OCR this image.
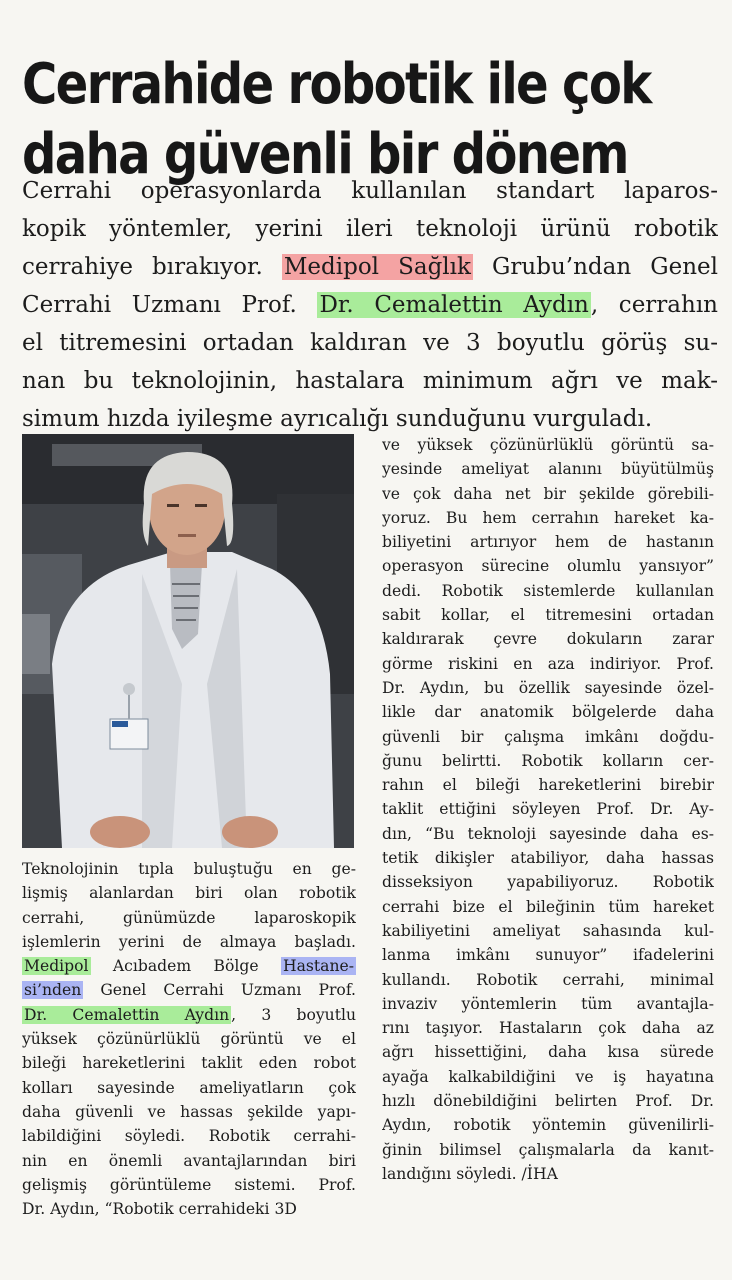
Cerrahide robotik ile çok
daha güvenli bir dönem
Cerrahi operasyonlarda kullanılan standart laparos-
kopik yöntemler, yerini ileri teknoloji ürünü robotik
cerrahiye bırakıyor. Medipol Sağlık Grubu’ndan Genel
Cerrahi Uzmanı Prof. Dr. Cemalettin Aydın, cerrahın
el titremesini ortadan kaldıran ve 3 boyutlu görüş su-
nan bu teknolojinin, hastalara minimum ağrı ve mak-
simum hızda iyileşme ayrıcalığı sunduğunu vurguladı.
Teknolojinin tıpla buluştuğu en ge-
lişmiş alanlardan biri olan robotik
cerrahi, günümüzde laparoskopik
işlemlerin yerini de almaya başladı.
Medipol Acıbadem Bölge Hastane-
si’nden Genel Cerrahi Uzmanı Prof.
Dr. Cemalettin Aydın , 3 boyutlu
yüksek çözünürlüklü görüntü ve el
bileği hareketlerini taklit eden robot
kolları sayesinde ameliyatların çok
daha güvenli ve hassas şekilde yapı-
labildiğini söyledi. Robotik cerrahi-
nin en önemli avantajlarından biri
gelişmiş görüntüleme sistemi. Prof.
Dr. Aydın, “Robotik cerrahideki 3D
ve yüksek çözünürlüklü görüntü sa-
yesinde ameliyat alanını büyütülmüş
ve çok daha net bir şekilde görebili-
yoruz. Bu hem cerrahın hareket ka-
biliyetini artırıyor hem de hastanın
operasyon sürecine olumlu yansıyor”
dedi. Robotik sistemlerde kullanılan
sabit kollar, el titremesini ortadan
kaldırarak çevre dokuların zarar
görme riskini en aza indiriyor. Prof.
Dr. Aydın, bu özellik sayesinde özel-
likle dar anatomik bölgelerde daha
güvenli bir çalışma imkânı doğdu-
ğunu belirtti. Robotik kolların cer-
rahın el bileği hareketlerini birebir
taklit ettiğini söyleyen Prof. Dr. Ay-
dın, “Bu teknoloji sayesinde daha es-
tetik dikişler atabiliyor, daha hassas
disseksiyon yapabiliyoruz. Robotik
cerrahi bize el bileğinin tüm hareket
kabiliyetini ameliyat sahasında kul-
lanma imkânı sunuyor” ifadelerini
kullandı. Robotik cerrahi, minimal
invaziv yöntemlerin tüm avantajla-
rını taşıyor. Hastaların çok daha az
ağrı hissettiğini, daha kısa sürede
ayağa kalkabildiğini ve iş hayatına
hızlı dönebildiğini belirten Prof. Dr.
Aydın, robotik yöntemin güvenilirli-
ğinin bilimsel çalışmalarla da kanıt-
landığını söyledi. /İHA
